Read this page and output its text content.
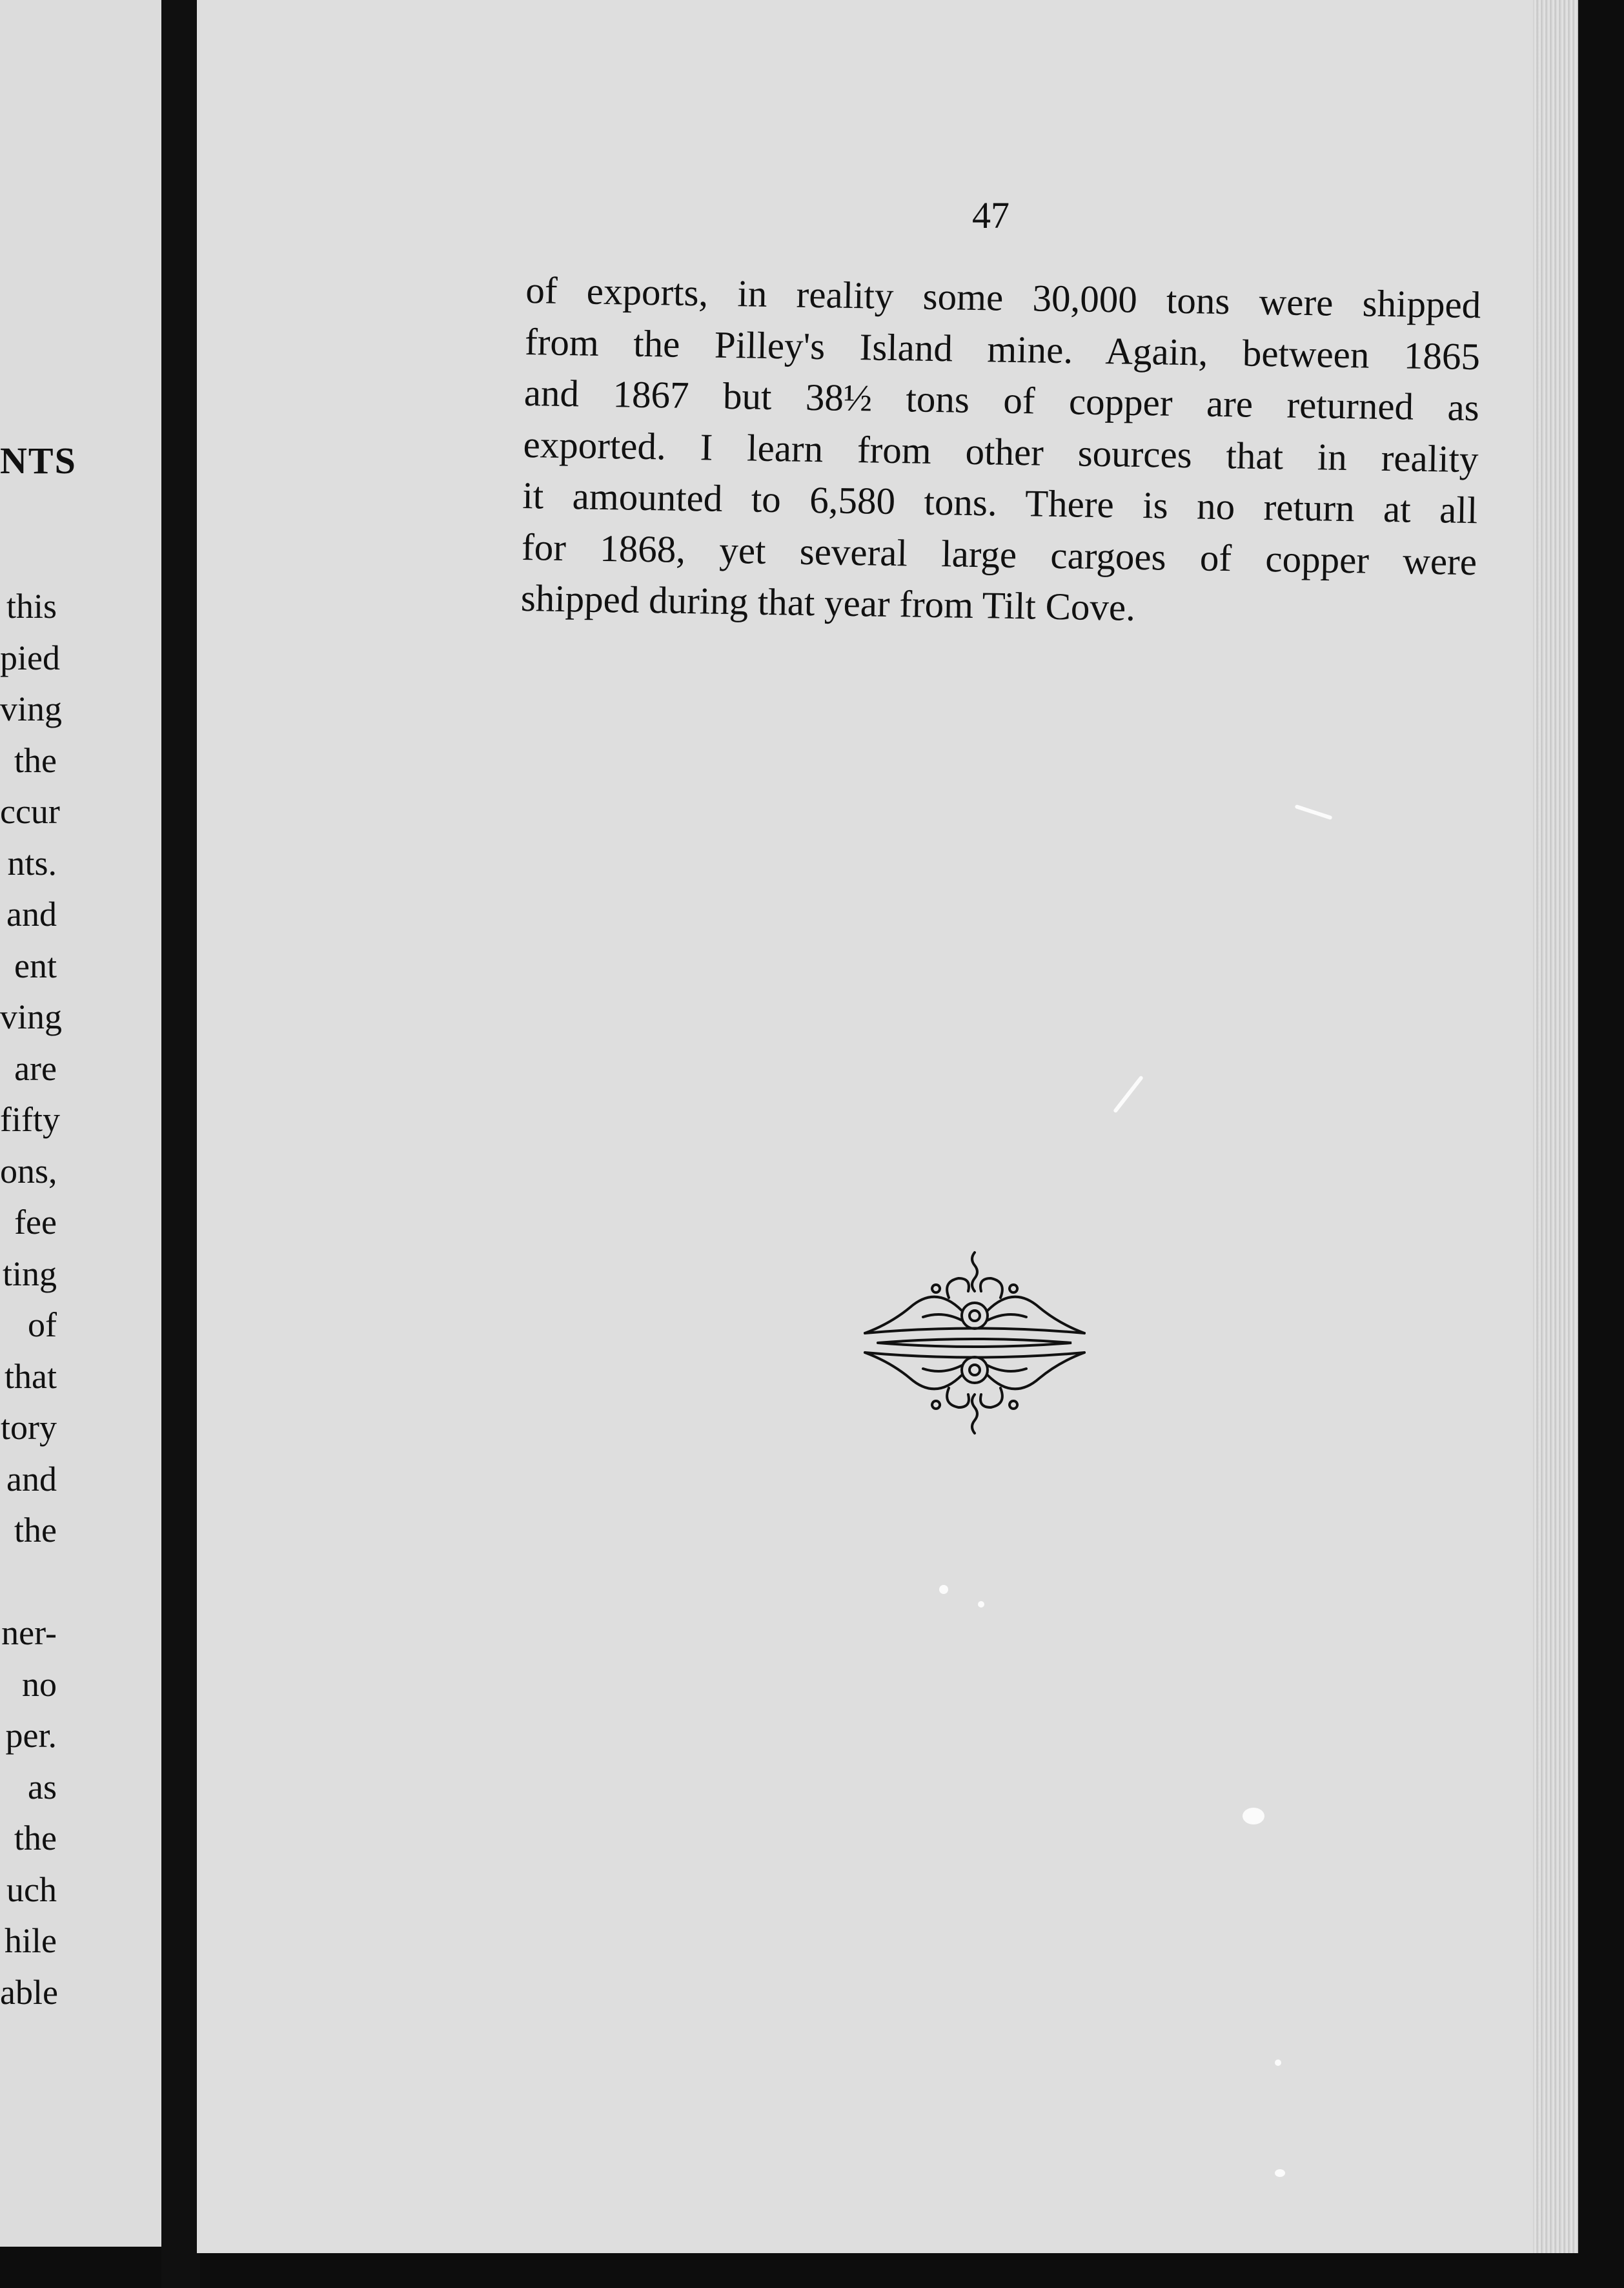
NTS
this
pied
ving
the
ccur
nts.
and
ent
ving
are
fifty
ons,
fee
ting
of
that
tory
and
the
ner-
no
per.
as
the
uch
hile
able
47
of exports, in reality some 30,000 tons were shipped
from the Pilley's Island mine. Again, between 1865
and 1867 but 38½ tons of copper are returned as
exported. I learn from other sources that in reality
it amounted to 6,580 tons. There is no return at all
for 1868, yet several large cargoes of copper were
shipped during that year from Tilt Cove.
